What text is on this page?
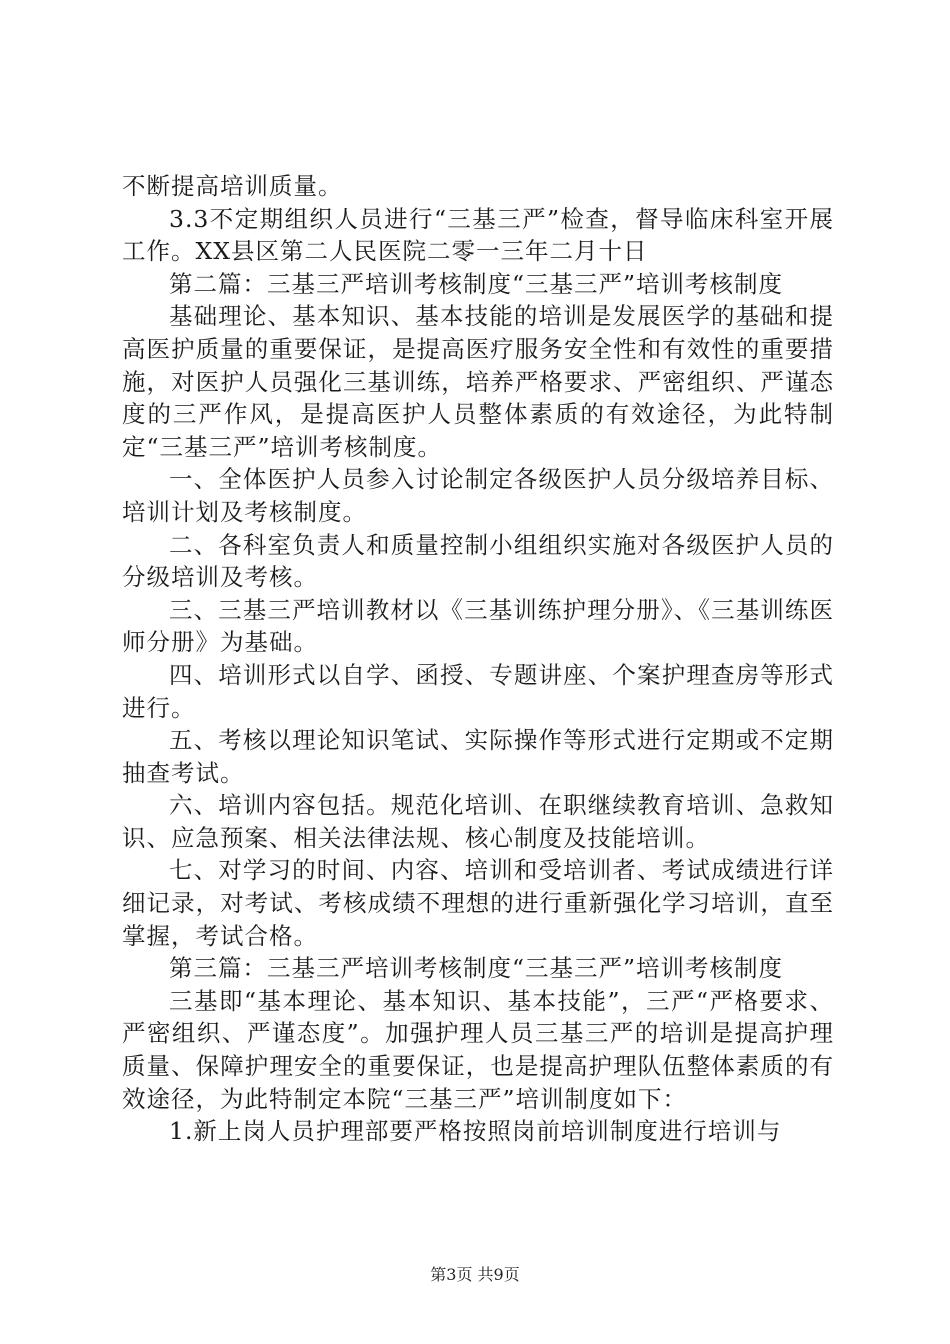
不断提高培训质量。

3.3不定期组织人员进行“三基三严”检查，督导临床科室开展工作。XX县区第二人民医院二零一三年二月十日

第二篇：三基三严培训考核制度“三基三严”培训考核制度

基础理论、基本知识、基本技能的培训是发展医学的基础和提高医护质量的重要保证，是提高医疗服务安全性和有效性的重要措施，对医护人员强化三基训练，培养严格要求、严密组织、严谨态度的三严作风，是提高医护人员整体素质的有效途径，为此特制定“三基三严”培训考核制度。

一、全体医护人员参入讨论制定各级医护人员分级培养目标、培训计划及考核制度。

二、各科室负责人和质量控制小组组织实施对各级医护人员的分级培训及考核。

三、三基三严培训教材以《三基训练护理分册》、《三基训练医师分册》为基础。

四、培训形式以自学、函授、专题讲座、个案护理查房等形式进行。

五、考核以理论知识笔试、实际操作等形式进行定期或不定期抽查考试。

六、培训内容包括。规范化培训、在职继续教育培训、急救知识、应急预案、相关法律法规、核心制度及技能培训。

七、对学习的时间、内容、培训和受培训者、考试成绩进行详细记录，对考试、考核成绩不理想的进行重新强化学习培训，直至掌握，考试合格。

第三篇：三基三严培训考核制度“三基三严”培训考核制度

三基即“基本理论、基本知识、基本技能”，三严“严格要求、严密组织、严谨态度”。加强护理人员三基三严的培训是提高护理质量、保障护理安全的重要保证，也是提高护理队伍整体素质的有效途径，为此特制定本院“三基三严”培训制度如下：

1.新上岗人员护理部要严格按照岗前培训制度进行培训与

第3页 共9页
